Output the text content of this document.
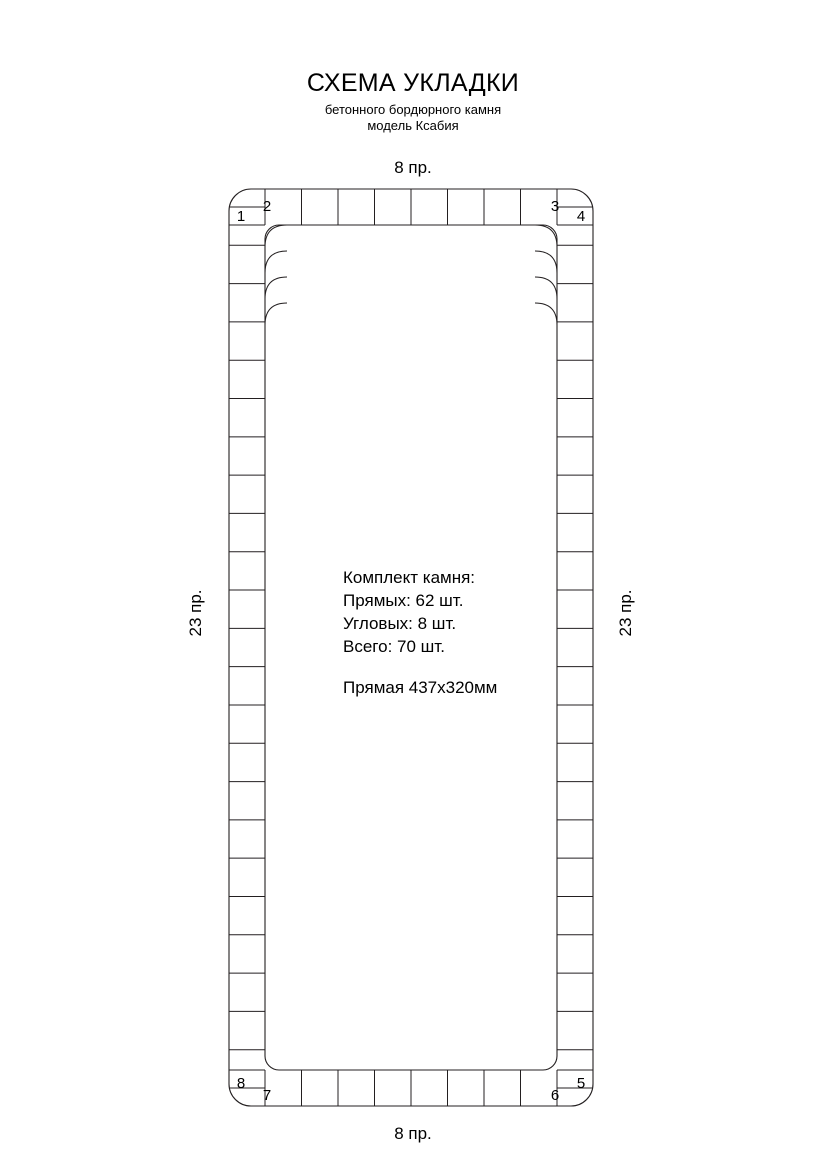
СХЕМА УКЛАДКИ
бетонного бордюрного камня
модель Ксабия
8 пр.
8 пр.
23 пр.	23 пр.
1
2	3
4
5
6
7
8
Комплект камня:
Прямых: 62 шт.
Угловых: 8 шт.
Всего: 70 шт.
Прямая 437х320мм
